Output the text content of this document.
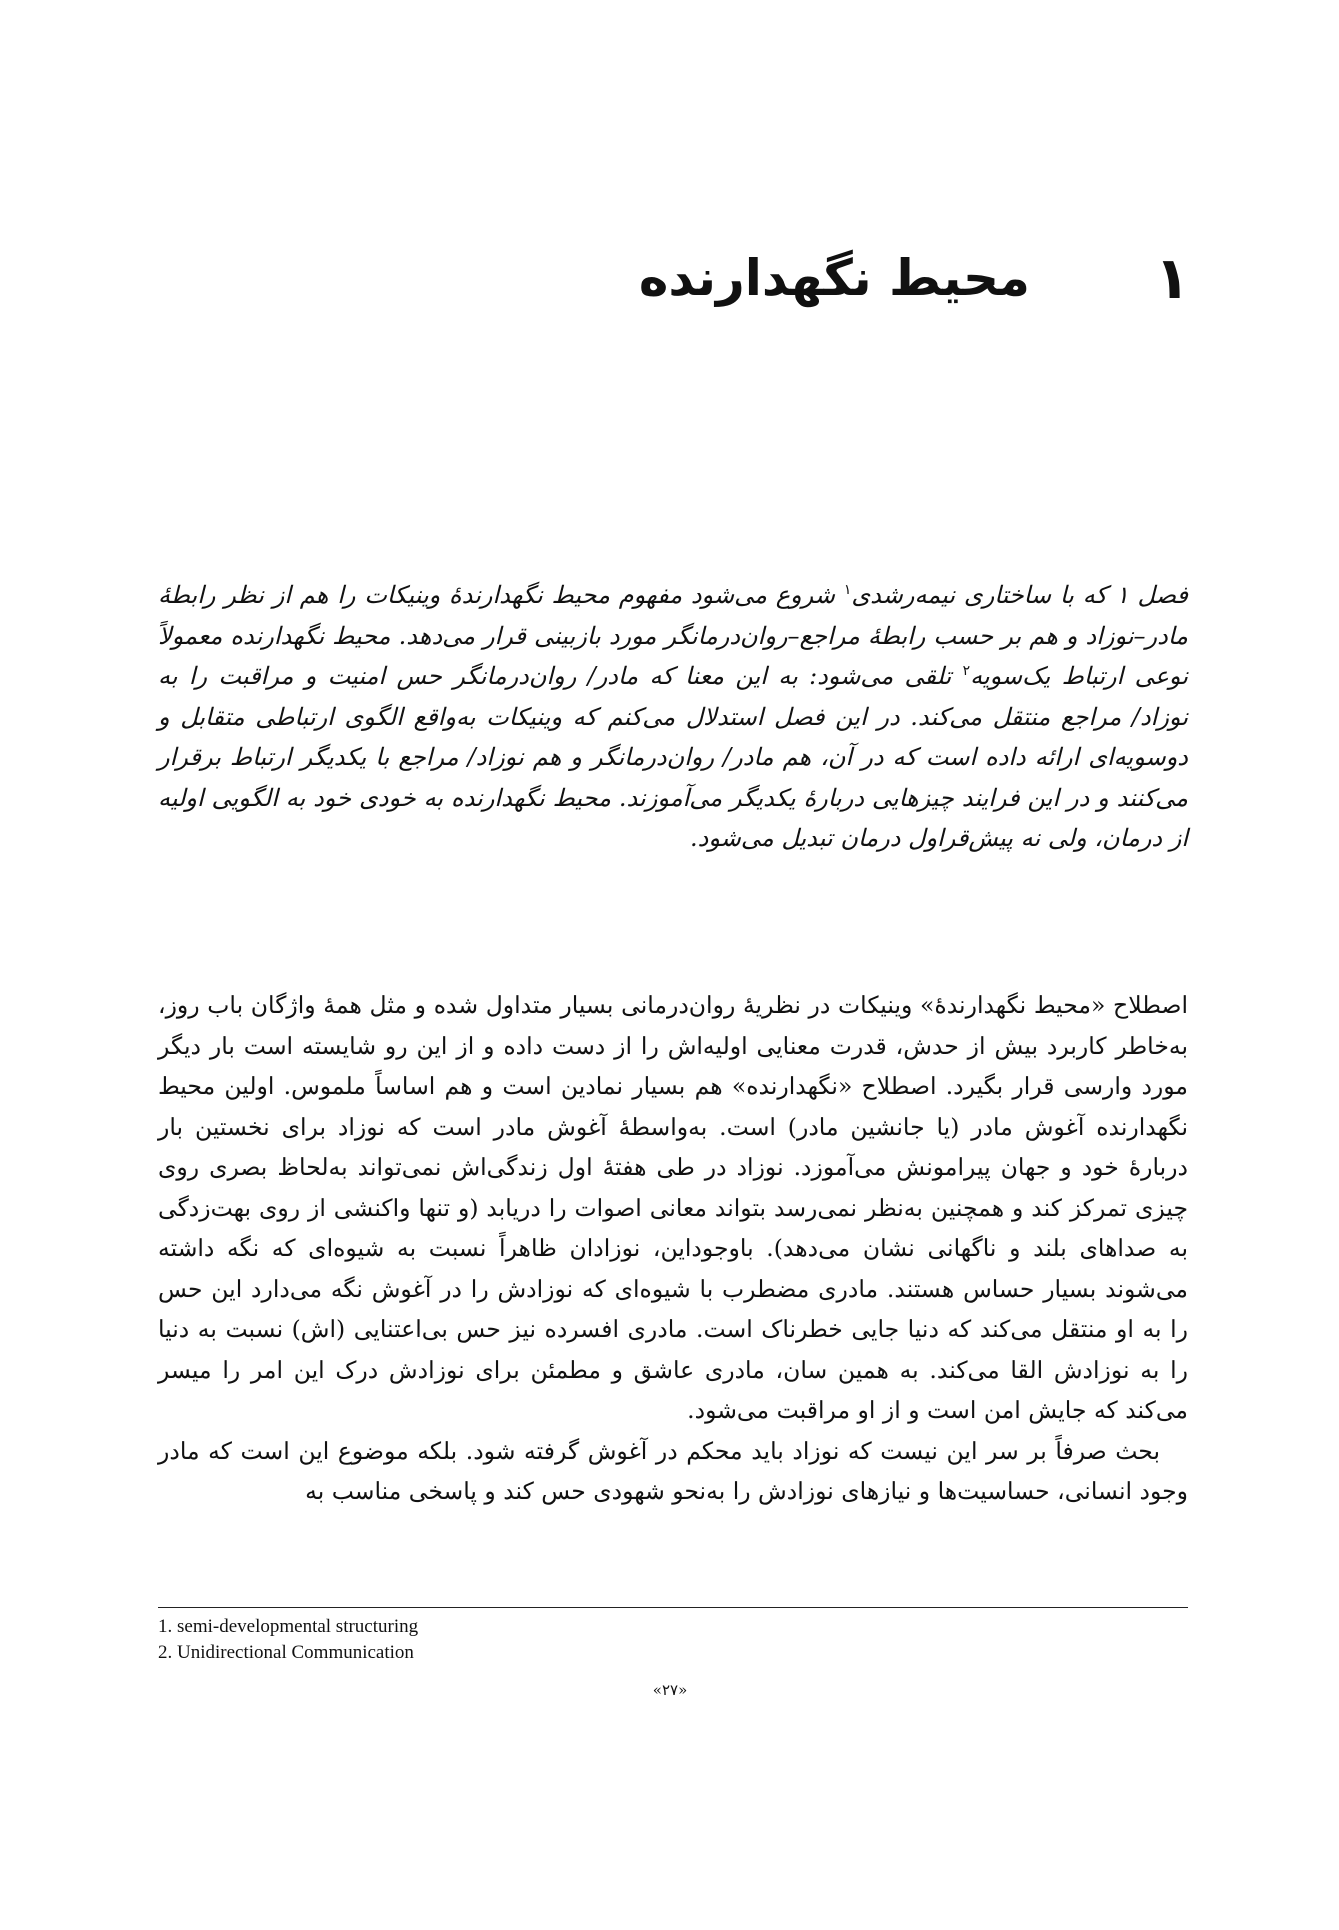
۱
محیط نگهدارنده
فصل ۱ که با ساختاری نیمه‌رشدی$^۱$ شروع می‌شود مفهوم محیط نگهدارندهٔ وینیکات را هم از نظر رابطهٔ مادر–نوزاد و هم بر حسب رابطهٔ مراجع–روان‌درمانگر مورد بازبینی قرار می‌دهد. محیط نگهدارنده معمولاً نوعی ارتباط یک‌سویه$^۲$ تلقی می‌شود: به این معنا که مادر/ روان‌درمانگر حس امنیت و مراقبت را به نوزاد/ مراجع منتقل می‌کند. در این فصل استدلال می‌کنم که وینیکات به‌واقع الگوی ارتباطی متقابل و دوسویه‌ای ارائه داده است که در آن، هم مادر/ روان‌درمانگر و هم نوزاد/ مراجع با یکدیگر ارتباط برقرار می‌کنند و در این فرایند چیزهایی دربارهٔ یکدیگر می‌آموزند. محیط نگهدارنده به خودی خود به الگویی اولیه از درمان، ولی نه پیش‌قراول درمان تبدیل می‌شود.

اصطلاح «محیط نگهدارندهٔ» وینیکات در نظریهٔ روان‌درمانی بسیار متداول شده و مثل همهٔ واژگان باب روز، به‌خاطر کاربرد بیش از حدش، قدرت معنایی اولیه‌اش را از دست داده و از این رو شایسته است بار دیگر مورد وارسی قرار بگیرد. اصطلاح «نگهدارنده» هم بسیار نمادین است و هم اساساً ملموس. اولین محیط نگهدارنده آغوش مادر (یا جانشین مادر) است. به‌واسطهٔ آغوش مادر است که نوزاد برای نخستین بار دربارهٔ خود و جهان پیرامونش می‌آموزد. نوزاد در طی هفتهٔ اول زندگی‌اش نمی‌تواند به‌لحاظ بصری روی چیزی تمرکز کند و همچنین به‌نظر نمی‌رسد بتواند معانی اصوات را دریابد (و تنها واکنشی از روی بهت‌زدگی به صداهای بلند و ناگهانی نشان می‌دهد). باوجوداین، نوزادان ظاهراً نسبت به شیوه‌ای که نگه داشته می‌شوند بسیار حساس هستند. مادری مضطرب با شیوه‌ای که نوزادش را در آغوش نگه می‌دارد این حس را به او منتقل می‌کند که دنیا جایی خطرناک است. مادری افسرده نیز حس بی‌اعتنایی (اش) نسبت به دنیا را به نوزادش القا می‌کند. به همین سان، مادری عاشق و مطمئن برای نوزادش درک این امر را میسر می‌کند که جایش امن است و از او مراقبت می‌شود.

بحث صرفاً بر سر این نیست که نوزاد باید محکم در آغوش گرفته شود. بلکه موضوع این است که مادر وجود انسانی، حساسیت‌ها و نیازهای نوزادش را به‌نحو شهودی حس کند و پاسخی مناسب به

1. semi-developmental structuring
2. Unidirectional Communication
«۲۷»
